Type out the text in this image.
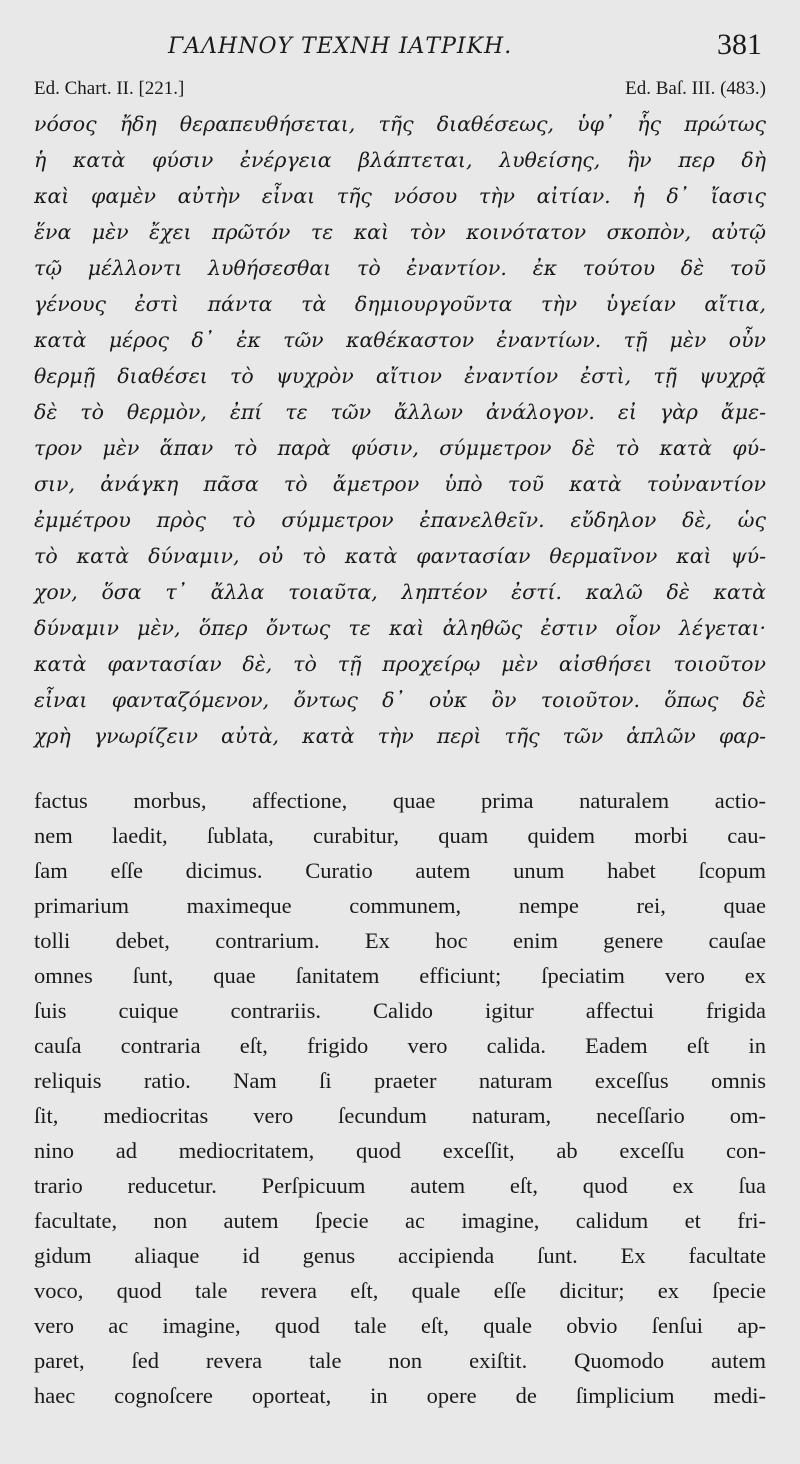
ΓΑΛΗΝΟΥ ΤΕΧΝΗ ΙΑΤΡΙΚΗ.	381
Ed. Chart. II. [221.]	Ed. Baſ. III. (483.)
νόσος ἤδη θεραπευθήσεται, τῆς διαθέσεως, ὑφ᾽ ἧς πρώτως
ἡ κατὰ φύσιν ἐνέργεια βλάπτεται, λυθείσης, ἣν περ δὴ
καὶ φαμὲν αὐτὴν εἶναι τῆς νόσου τὴν αἰτίαν. ἡ δ᾽ ἴασις
ἕνα μὲν ἔχει πρῶτόν τε καὶ τὸν κοινότατον σκοπὸν, αὐτῷ
τῷ μέλλοντι λυθήσεσθαι τὸ ἐναντίον. ἐκ τούτου δὲ τοῦ
γένους ἐστὶ πάντα τὰ δημιουργοῦντα τὴν ὑγείαν αἴτια,
κατὰ μέρος δ᾽ ἐκ τῶν καθέκαστον ἐναντίων. τῇ μὲν οὖν
θερμῇ διαθέσει τὸ ψυχρὸν αἴτιον ἐναντίον ἐστὶ, τῇ ψυχρᾷ
δὲ τὸ θερμὸν, ἐπί τε τῶν ἄλλων ἀνάλογον. εἰ γὰρ ἄμε-
τρον μὲν ἅπαν τὸ παρὰ φύσιν, σύμμετρον δὲ τὸ κατὰ φύ-
σιν, ἀνάγκη πᾶσα τὸ ἄμετρον ὑπὸ τοῦ κατὰ τοὐναντίον
ἐμμέτρου πρὸς τὸ σύμμετρον ἐπανελθεῖν. εὔδηλον δὲ, ὡς
τὸ κατὰ δύναμιν, οὐ τὸ κατὰ φαντασίαν θερμαῖνον καὶ ψύ-
χον, ὅσα τ᾽ ἄλλα τοιαῦτα, ληπτέον ἐστί. καλῶ δὲ κατὰ
δύναμιν μὲν, ὅπερ ὄντως τε καὶ ἀληθῶς ἐστιν οἷον λέγεται·
κατὰ φαντασίαν δὲ, τὸ τῇ προχείρῳ μὲν αἰσθήσει τοιοῦτον
εἶναι φανταζόμενον, ὄντως δ᾽ οὐκ ὂν τοιοῦτον. ὅπως δὲ
χρὴ γνωρίζειν αὐτὰ, κατὰ τὴν περὶ τῆς τῶν ἁπλῶν φαρ-
factus morbus, affectione, quae prima naturalem actio-
nem laedit, ſublata, curabitur, quam quidem morbi cau-
ſam eſſe dicimus. Curatio autem unum habet ſcopum
primarium maximeque communem, nempe rei, quae
tolli debet, contrarium. Ex hoc enim genere cauſae
omnes ſunt, quae ſanitatem efficiunt; ſpeciatim vero ex
ſuis cuique contrariis. Calido igitur affectui frigida
cauſa contraria eſt, frigido vero calida. Eadem eſt in
reliquis ratio. Nam ſi praeter naturam exceſſus omnis
ſit, mediocritas vero ſecundum naturam, neceſſario om-
nino ad mediocritatem, quod exceſſit, ab exceſſu con-
trario reducetur. Perſpicuum autem eſt, quod ex ſua
facultate, non autem ſpecie ac imagine, calidum et fri-
gidum aliaque id genus accipienda ſunt. Ex facultate
voco, quod tale revera eſt, quale eſſe dicitur; ex ſpecie
vero ac imagine, quod tale eſt, quale obvio ſenſui ap-
paret, ſed revera tale non exiſtit. Quomodo autem
haec cognoſcere oporteat, in opere de ſimplicium medi-
